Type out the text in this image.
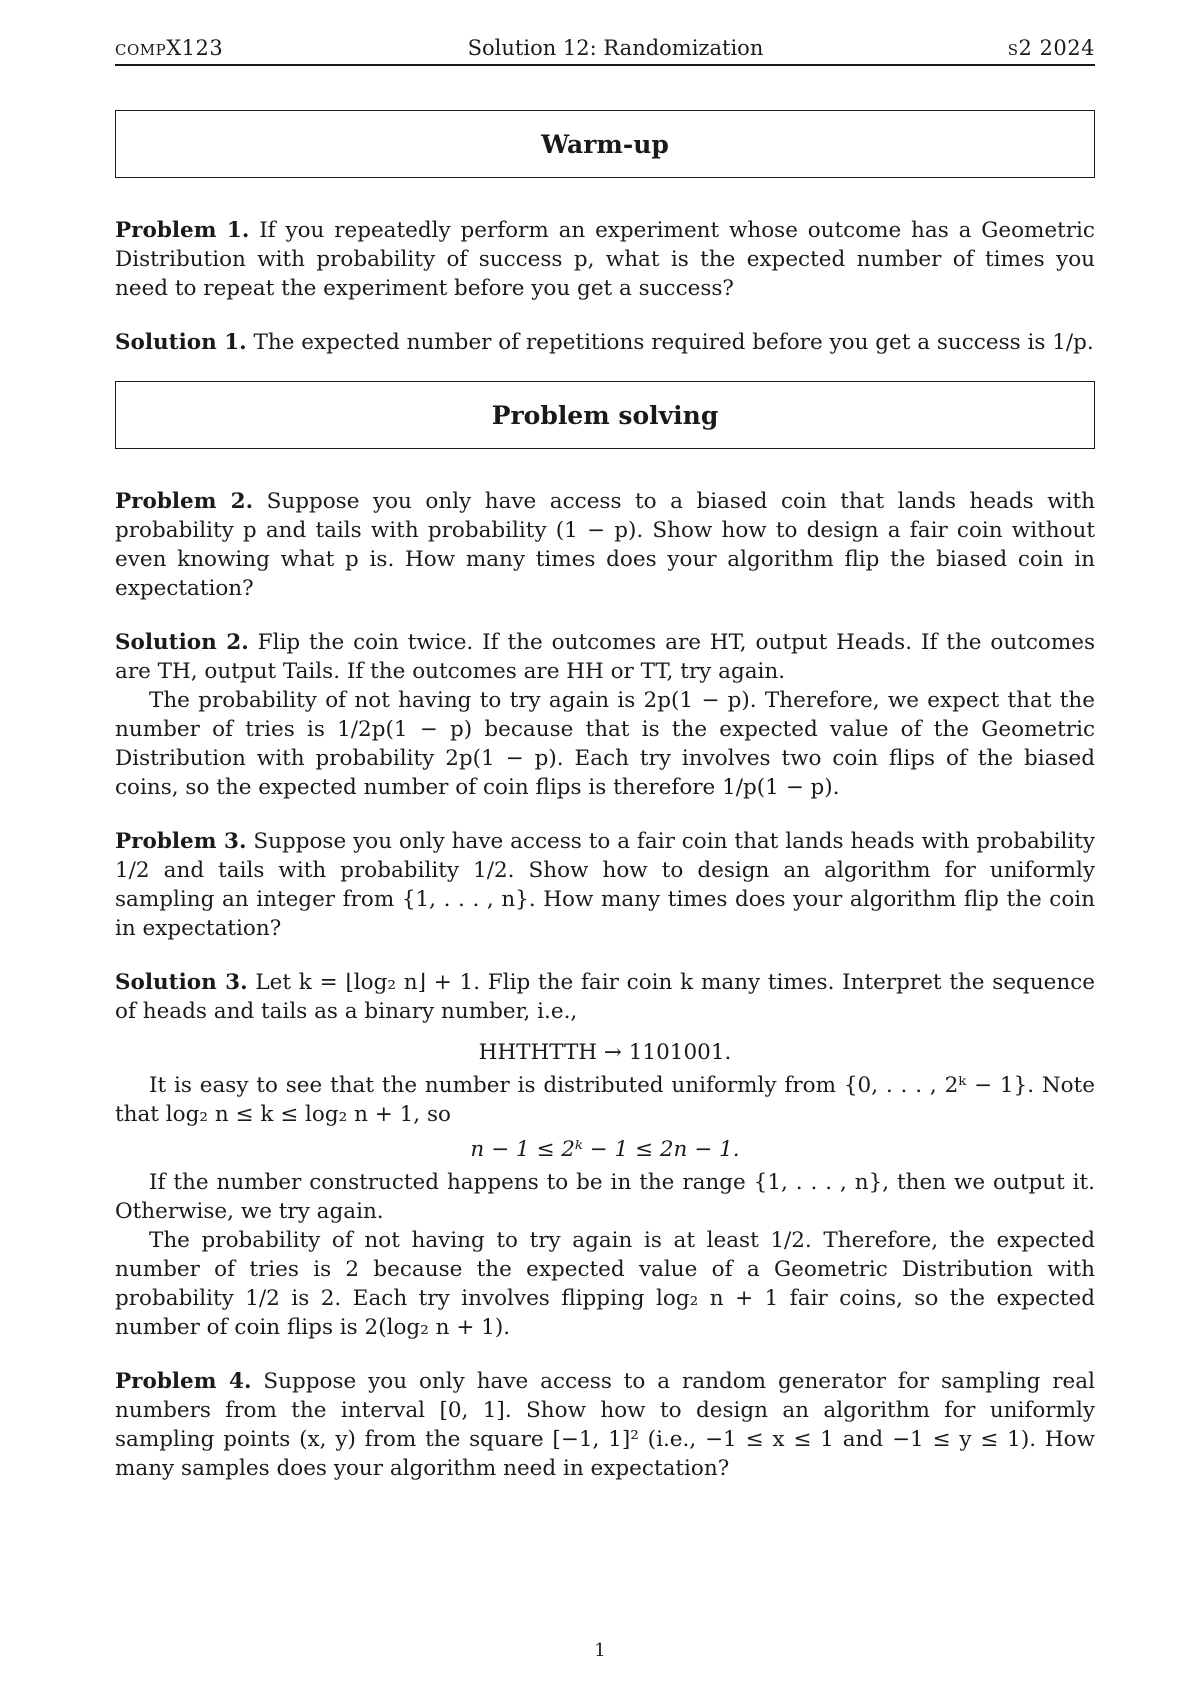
compX123	Solution 12: Randomization	s2 2024
Warm-up

Problem 1. If you repeatedly perform an experiment whose outcome has a Geometric Distribution with probability of success p, what is the expected number of times you need to repeat the experiment before you get a success?

Solution 1. The expected number of repetitions required before you get a success is 1/p.

Problem solving

Problem 2. Suppose you only have access to a biased coin that lands heads with probability p and tails with probability (1 − p). Show how to design a fair coin without even knowing what p is. How many times does your algorithm flip the biased coin in expectation?

Solution 2. Flip the coin twice. If the outcomes are HT, output Heads. If the outcomes are TH, output Tails. If the outcomes are HH or TT, try again.

The probability of not having to try again is 2p(1 − p). Therefore, we expect that the number of tries is 1/2p(1 − p) because that is the expected value of the Geometric Distribution with probability 2p(1 − p). Each try involves two coin flips of the biased coins, so the expected number of coin flips is therefore 1/p(1 − p).

Problem 3. Suppose you only have access to a fair coin that lands heads with probability 1/2 and tails with probability 1/2. Show how to design an algorithm for uniformly sampling an integer from {1, . . . , n}. How many times does your algorithm flip the coin in expectation?

Solution 3. Let k = ⌊log₂ n⌋ + 1. Flip the fair coin k many times. Interpret the sequence of heads and tails as a binary number, i.e.,

HHTHTTH → 1101001.

It is easy to see that the number is distributed uniformly from {0, . . . , 2ᵏ − 1}. Note that log₂ n ≤ k ≤ log₂ n + 1, so

n − 1 ≤ 2ᵏ − 1 ≤ 2n − 1.

If the number constructed happens to be in the range {1, . . . , n}, then we output it. Otherwise, we try again.

The probability of not having to try again is at least 1/2. Therefore, the expected number of tries is 2 because the expected value of a Geometric Distribution with probability 1/2 is 2. Each try involves flipping log₂ n + 1 fair coins, so the expected number of coin flips is 2(log₂ n + 1).

Problem 4. Suppose you only have access to a random generator for sampling real numbers from the interval [0, 1]. Show how to design an algorithm for uniformly sampling points (x, y) from the square [−1, 1]² (i.e., −1 ≤ x ≤ 1 and −1 ≤ y ≤ 1). How many samples does your algorithm need in expectation?

1
